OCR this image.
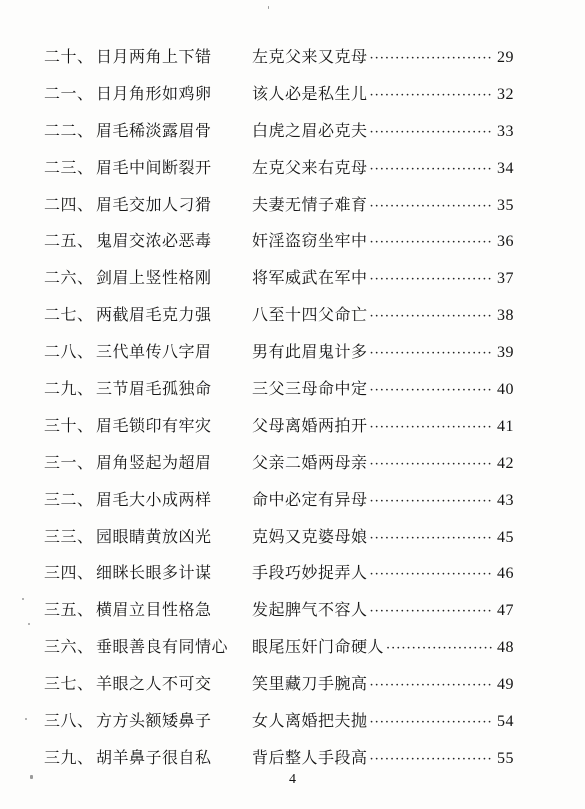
二十、 日月两角上下错	左克父来又克母 ·····	29
二一、 日月角形如鸡卵	该人必是私生儿 ·····	32
二二、 眉毛稀淡露眉骨	白虎之眉必克夫 ·····	33
二三、 眉毛中间断裂开	左克父来右克母 ·····	34
二四、 眉毛交加人刁猾	夫妻无情子难育 ·····	35
二五、 鬼眉交浓必恶毒	奸淫盗窃坐牢中 ·····	36
二六、 剑眉上竖性格刚	将军威武在军中 ·····	37
二七、 两截眉毛克力强	八至十四父命亡 ·····	38
二八、 三代单传八字眉	男有此眉鬼计多 ·····	39
二九、 三节眉毛孤独命	三父三母命中定 ·····	40
三十、 眉毛锁印有牢灾	父母离婚两拍开 ·····	41
三一、 眉角竖起为超眉	父亲二婚两母亲 ·····	42
三二、 眉毛大小成两样	命中必定有异母 ·····	43
三三、 园眼睛黄放凶光	克妈又克婆母娘 ·····	45
三四、 细眯长眼多计谋	手段巧妙捉弄人 ·····	46
三五、 横眉立目性格急	发起脾气不容人 ·····	47
三六、 垂眼善良有同情心	眼尾压奸门命硬人 ·····	48
三七、 羊眼之人不可交	笑里藏刀手腕高 ·····	49
三八、 方方头额矮鼻子	女人离婚把夫抛 ·····	54
三九、 胡羊鼻子很自私	背后整人手段高 ·····	55
4
